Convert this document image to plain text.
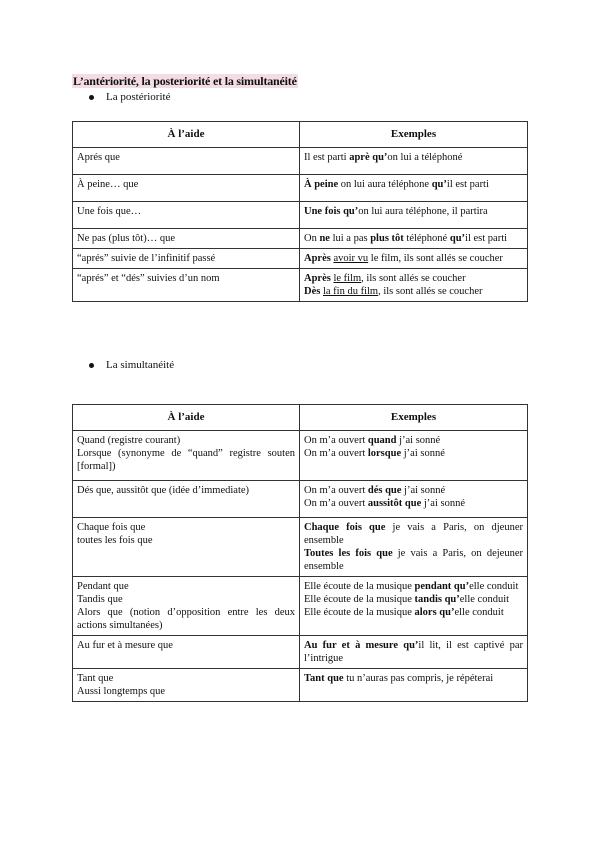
L’antériorité, la posteriorité et la simultanéité
La postériorité
À l’aide	Exemples
Aprés que	Il est parti aprè qu’on lui a téléphoné
À peine… que	À peine on lui aura téléphone qu’il est parti
Une fois que…	Une fois qu’on lui aura téléphone, il partira
Ne pas (plus tôt)… que	On ne lui a pas plus tôt téléphoné qu’il est parti
“aprés” suivie de l’infinitif passé	Après avoir vu le film, ils sont allés se coucher
“aprés” et “dés” suivies d’un nom	Après le film, ils sont allés se coucher
Dès la fin du film, ils sont allés se coucher
La simultanéité
À l’aide	Exemples

Quand (registre courant)
Lorsque (synonyme de “quand” registre souten [formal])	On m’a ouvert quand j’ai sonné
On m’a ouvert lorsque j’ai sonné

Dés que, aussitôt que (idée d’immediate)	On m’a ouvert dés que j’ai sonné
On m’a ouvert aussitôt que j’ai sonné

Chaque fois que
toutes les fois que	Chaque fois que je vais a Paris, on djeuner ensemble
Toutes les fois que je vais a Paris, on dejeuner ensemble

Pendant que
Tandis que
Alors que (notion d’opposition entre les deux actions simultanées)	Elle écoute de la musique pendant qu’elle conduit
Elle écoute de la musique tandis qu’elle conduit
Elle écoute de la musique alors qu’elle conduit

Au fur et à mesure que	Au fur et à mesure qu’il lit, il est captivé par l’intrigue

Tant que
Aussi longtemps que	Tant que tu n’auras pas compris, je répéterai
